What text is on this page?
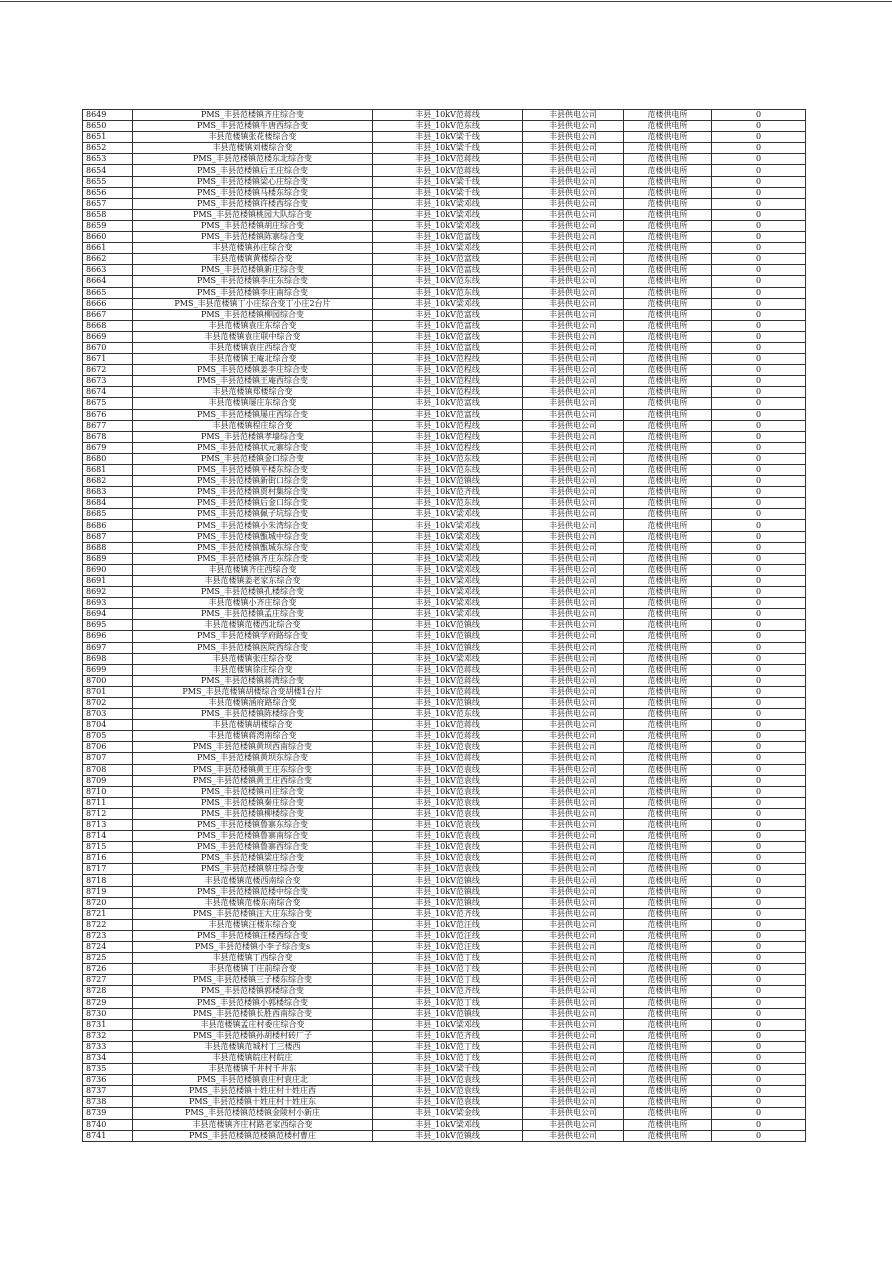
8649	PMS_丰县范楼镇齐庄综合变	丰县_10kV范蒋线	丰县供电公司	范楼供电所	0
8650	PMS_丰县范楼镇牛唐西综合变	丰县_10kV范东线	丰县供电公司	范楼供电所	0
8651	丰县范楼镇张花楼综合变	丰县_10kV梁千线	丰县供电公司	范楼供电所	0
8652	丰县范楼镇刘楼综合变	丰县_10kV梁千线	丰县供电公司	范楼供电所	0
8653	PMS_丰县范楼镇范楼东北综合变	丰县_10kV范蒋线	丰县供电公司	范楼供电所	0
8654	PMS_丰县范楼镇后王庄综合变	丰县_10kV范蒋线	丰县供电公司	范楼供电所	0
8655	PMS_丰县范楼镇梁心庄综合变	丰县_10kV梁千线	丰县供电公司	范楼供电所	0
8656	PMS_丰县范楼镇马楼东综合变	丰县_10kV梁千线	丰县供电公司	范楼供电所	0
8657	PMS_丰县范楼镇许楼西综合变	丰县_10kV梁邓线	丰县供电公司	范楼供电所	0
8658	PMS_丰县范楼镇桃园大队综合变	丰县_10kV梁邓线	丰县供电公司	范楼供电所	0
8659	PMS_丰县范楼镇胡庄综合变	丰县_10kV梁邓线	丰县供电公司	范楼供电所	0
8660	PMS_丰县范楼镇陈寨综合变	丰县_10kV范富线	丰县供电公司	范楼供电所	0
8661	丰县范楼镇孙庄综合变	丰县_10kV梁邓线	丰县供电公司	范楼供电所	0
8662	丰县范楼镇黄楼综合变	丰县_10kV范富线	丰县供电公司	范楼供电所	0
8663	PMS_丰县范楼镇新庄综合变	丰县_10kV范富线	丰县供电公司	范楼供电所	0
8664	PMS_丰县范楼镇李庄东综合变	丰县_10kV范东线	丰县供电公司	范楼供电所	0
8665	PMS_丰县范楼镇李庄南综合变	丰县_10kV范东线	丰县供电公司	范楼供电所	0
8666	PMS_丰县范楼镇丁小庄综合变丁小庄2台片	丰县_10kV梁邓线	丰县供电公司	范楼供电所	0
8667	PMS_丰县范楼镇柳园综合变	丰县_10kV范富线	丰县供电公司	范楼供电所	0
8668	丰县范楼镇袁庄东综合变	丰县_10kV范富线	丰县供电公司	范楼供电所	0
8669	丰县范楼镇袁庄联中综合变	丰县_10kV范富线	丰县供电公司	范楼供电所	0
8670	丰县范楼镇袁庄西综合变	丰县_10kV范富线	丰县供电公司	范楼供电所	0
8671	丰县范楼镇王庵北综合变	丰县_10kV范程线	丰县供电公司	范楼供电所	0
8672	PMS_丰县范楼镇姜李庄综合变	丰县_10kV范程线	丰县供电公司	范楼供电所	0
8673	PMS_丰县范楼镇王庵西综合变	丰县_10kV范程线	丰县供电公司	范楼供电所	0
8674	丰县范楼镇郑楼综合变	丰县_10kV范程线	丰县供电公司	范楼供电所	0
8675	丰县范楼镇屡庄东综合变	丰县_10kV范富线	丰县供电公司	范楼供电所	0
8676	PMS_丰县范楼镇屡庄西综合变	丰县_10kV范富线	丰县供电公司	范楼供电所	0
8677	丰县范楼镇程庄综合变	丰县_10kV范程线	丰县供电公司	范楼供电所	0
8678	PMS_丰县范楼镇孝墙综合变	丰县_10kV范程线	丰县供电公司	范楼供电所	0
8679	PMS_丰县范楼镇状元寨综合变	丰县_10kV范程线	丰县供电公司	范楼供电所	0
8680	PMS_丰县范楼镇金口综合变	丰县_10kV范东线	丰县供电公司	范楼供电所	0
8681	PMS_丰县范楼镇平楼东综合变	丰县_10kV范东线	丰县供电公司	范楼供电所	0
8682	PMS_丰县范楼镇新街口综合变	丰县_10kV范镇线	丰县供电公司	范楼供电所	0
8683	PMS_丰县范楼镇贾村集综合变	丰县_10kV范齐线	丰县供电公司	范楼供电所	0
8684	PMS_丰县范楼镇后金口综合变	丰县_10kV范东线	丰县供电公司	范楼供电所	0
8685	PMS_丰县范楼镇佩子坑综合变	丰县_10kV梁邓线	丰县供电公司	范楼供电所	0
8686	PMS_丰县范楼镇小朱湾综合变	丰县_10kV梁邓线	丰县供电公司	范楼供电所	0
8687	PMS_丰县范楼镇甑城中综合变	丰县_10kV梁邓线	丰县供电公司	范楼供电所	0
8688	PMS_丰县范楼镇甑城东综合变	丰县_10kV梁邓线	丰县供电公司	范楼供电所	0
8689	PMS_丰县范楼镇齐庄东综合变	丰县_10kV梁邓线	丰县供电公司	范楼供电所	0
8690	丰县范楼镇齐庄西综合变	丰县_10kV梁邓线	丰县供电公司	范楼供电所	0
8691	丰县范楼镇姜老家东综合变	丰县_10kV梁邓线	丰县供电公司	范楼供电所	0
8692	PMS_丰县范楼镇孔楼综合变	丰县_10kV梁邓线	丰县供电公司	范楼供电所	0
8693	丰县范楼镇小齐庄综合变	丰县_10kV梁邓线	丰县供电公司	范楼供电所	0
8694	PMS_丰县范楼镇孟庄综合变	丰县_10kV梁邓线	丰县供电公司	范楼供电所	0
8695	丰县范楼镇范楼西北综合变	丰县_10kV范镇线	丰县供电公司	范楼供电所	0
8696	PMS_丰县范楼镇学府路综合变	丰县_10kV范镇线	丰县供电公司	范楼供电所	0
8697	PMS_丰县范楼镇医院西综合变	丰县_10kV范镇线	丰县供电公司	范楼供电所	0
8698	丰县范楼镇张庄综合变	丰县_10kV梁邓线	丰县供电公司	范楼供电所	0
8699	丰县范楼镇徐庄综合变	丰县_10kV范蒋线	丰县供电公司	范楼供电所	0
8700	PMS_丰县范楼镇蒋湾综合变	丰县_10kV范蒋线	丰县供电公司	范楼供电所	0
8701	PMS_丰县范楼镇胡楼综合变胡楼1台片	丰县_10kV范蒋线	丰县供电公司	范楼供电所	0
8702	丰县范楼镇涵府路综合变	丰县_10kV范镇线	丰县供电公司	范楼供电所	0
8703	PMS_丰县范楼镇陈楼综合变	丰县_10kV范东线	丰县供电公司	范楼供电所	0
8704	丰县范楼镇胡楼综合变	丰县_10kV范蒋线	丰县供电公司	范楼供电所	0
8705	丰县范楼镇蒋湾南综合变	丰县_10kV范蒋线	丰县供电公司	范楼供电所	0
8706	PMS_丰县范楼镇黄坝西南综合变	丰县_10kV范袁线	丰县供电公司	范楼供电所	0
8707	PMS_丰县范楼镇黄坝东综合变	丰县_10kV范蒋线	丰县供电公司	范楼供电所	0
8708	PMS_丰县范楼镇黄王庄东综合变	丰县_10kV范袁线	丰县供电公司	范楼供电所	0
8709	PMS_丰县范楼镇黄王庄西综合变	丰县_10kV范袁线	丰县供电公司	范楼供电所	0
8710	PMS_丰县范楼镇司庄综合变	丰县_10kV范袁线	丰县供电公司	范楼供电所	0
8711	PMS_丰县范楼镇秦庄综合变	丰县_10kV范袁线	丰县供电公司	范楼供电所	0
8712	PMS_丰县范楼镇柳楼综合变	丰县_10kV范袁线	丰县供电公司	范楼供电所	0
8713	PMS_丰县范楼镇鲁寨东综合变	丰县_10kV范袁线	丰县供电公司	范楼供电所	0
8714	PMS_丰县范楼镇鲁寨南综合变	丰县_10kV范袁线	丰县供电公司	范楼供电所	0
8715	PMS_丰县范楼镇鲁寨西综合变	丰县_10kV范袁线	丰县供电公司	范楼供电所	0
8716	PMS_丰县范楼镇梁庄综合变	丰县_10kV范袁线	丰县供电公司	范楼供电所	0
8717	PMS_丰县范楼镇蔡庄综合变	丰县_10kV范袁线	丰县供电公司	范楼供电所	0
8718	丰县范楼镇范楼西南综合变	丰县_10kV范镇线	丰县供电公司	范楼供电所	0
8719	PMS_丰县范楼镇范楼中综合变	丰县_10kV范镇线	丰县供电公司	范楼供电所	0
8720	丰县范楼镇范楼东南综合变	丰县_10kV范镇线	丰县供电公司	范楼供电所	0
8721	PMS_丰县范楼镇汪大庄东综合变	丰县_10kV范齐线	丰县供电公司	范楼供电所	0
8722	丰县范楼镇汪楼东综合变	丰县_10kV范汪线	丰县供电公司	范楼供电所	0
8723	PMS_丰县范楼镇汪楼西综合变	丰县_10kV范汪线	丰县供电公司	范楼供电所	0
8724	PMS_丰县范楼镇小李子综合变s	丰县_10kV范汪线	丰县供电公司	范楼供电所	0
8725	丰县范楼镇丁西综合变	丰县_10kV范丁线	丰县供电公司	范楼供电所	0
8726	丰县范楼镇丁庄前综合变	丰县_10kV范丁线	丰县供电公司	范楼供电所	0
8727	PMS_丰县范楼镇三子楼东综合变	丰县_10kV范丁线	丰县供电公司	范楼供电所	0
8728	PMS_丰县范楼镇郭楼综合变	丰县_10kV范齐线	丰县供电公司	范楼供电所	0
8729	PMS_丰县范楼镇小郭楼综合变	丰县_10kV范丁线	丰县供电公司	范楼供电所	0
8730	PMS_丰县范楼镇长胜西南综合变	丰县_10kV范镇线	丰县供电公司	范楼供电所	0
8731	丰县范楼镇孟庄村委庄综合变	丰县_10kV梁邓线	丰县供电公司	范楼供电所	0
8732	PMS_丰县范楼镇孙胡楼村砖厂子	丰县_10kV范齐线	丰县供电公司	范楼供电所	0
8733	丰县范楼镇范城村丁三楼西	丰县_10kV范丁线	丰县供电公司	范楼供电所	0
8734	丰县范楼镇皖庄村皖庄	丰县_10kV范丁线	丰县供电公司	范楼供电所	0
8735	丰县范楼镇千井村千井东	丰县_10kV梁千线	丰县供电公司	范楼供电所	0
8736	PMS_丰县范楼镇袁庄村袁庄北	丰县_10kV范袁线	丰县供电公司	范楼供电所	0
8737	PMS_丰县范楼镇十姓庄村十姓庄西	丰县_10kV范袁线	丰县供电公司	范楼供电所	0
8738	PMS_丰县范楼镇十姓庄村十姓庄东	丰县_10kV范袁线	丰县供电公司	范楼供电所	0
8739	PMS_丰县范楼镇范楼镇金陵村小新庄	丰县_10kV梁金线	丰县供电公司	范楼供电所	0
8740	丰县范楼镇齐庄村路老家西综合变	丰县_10kV梁邓线	丰县供电公司	范楼供电所	0
8741	PMS_丰县范楼镇范楼镇范楼村曹庄	丰县_10kV范镇线	丰县供电公司	范楼供电所	0
